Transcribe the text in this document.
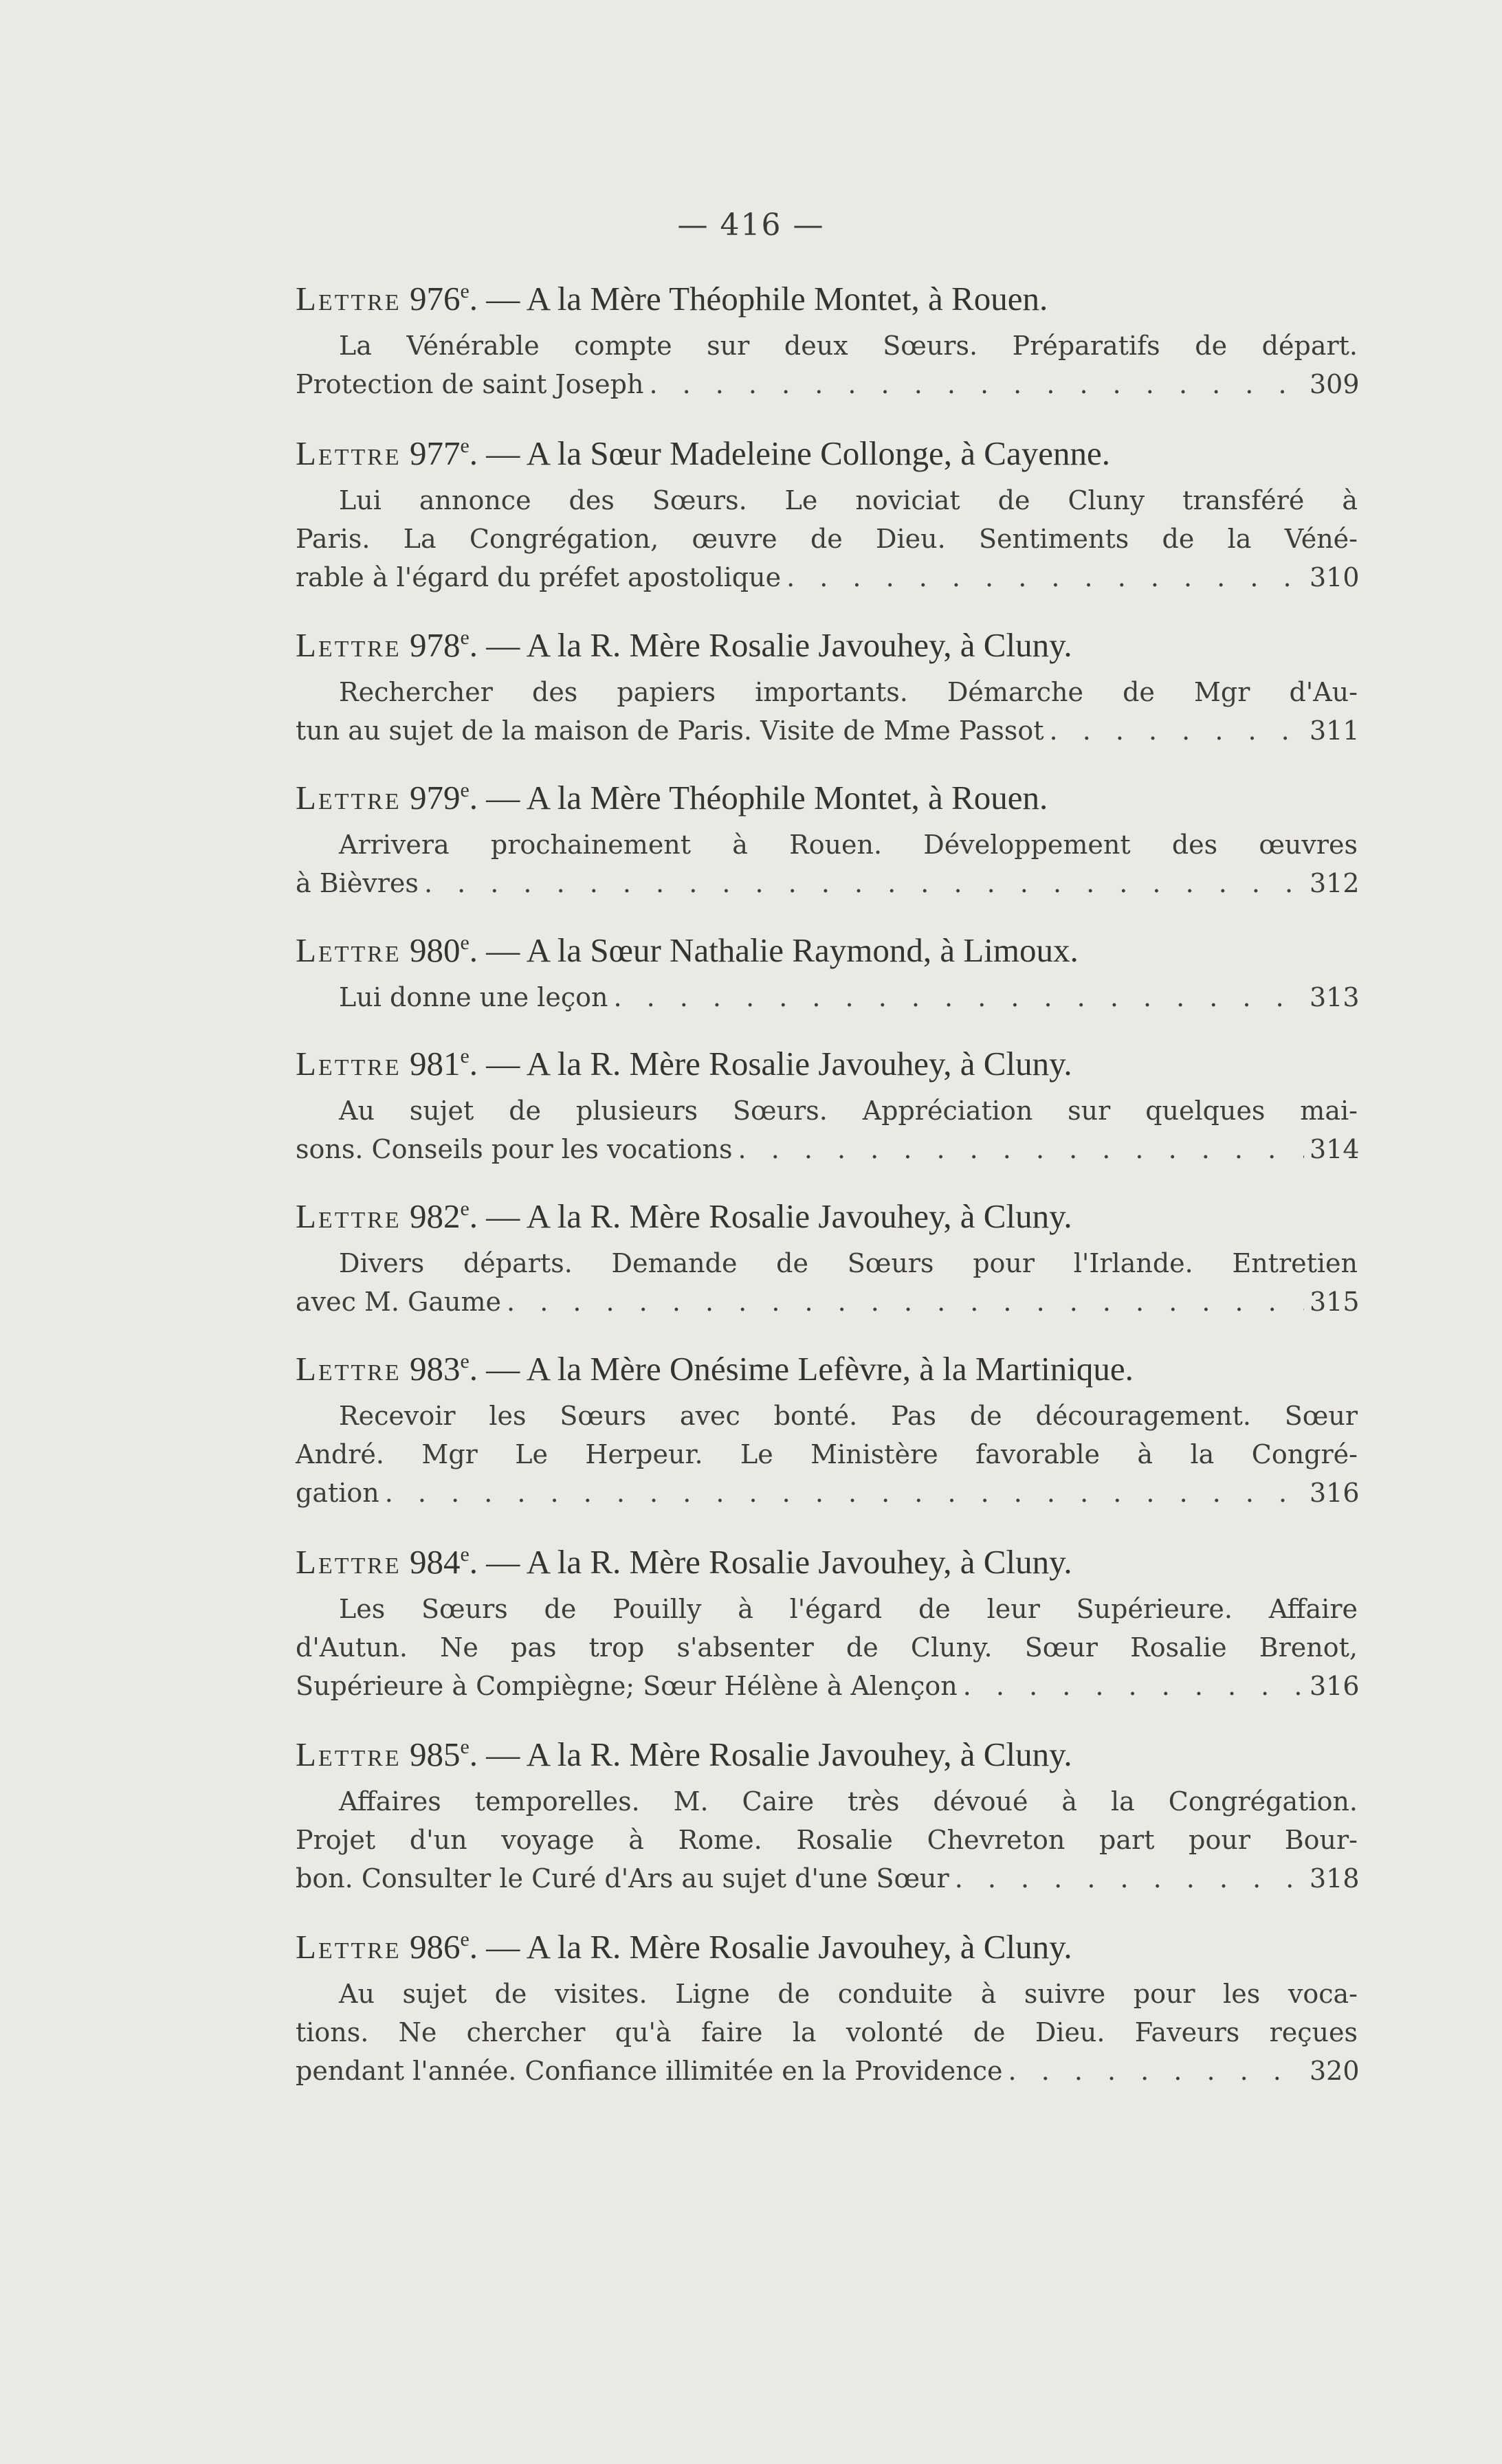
— 416 —
Lettre 976e. — A la Mère Théophile Montet, à Rouen.
La Vénérable compte sur deux Sœurs. Préparatifs de départ.
Protection de saint Joseph . . .	309
Lettre 977e. — A la Sœur Madeleine Collonge, à Cayenne.
Lui annonce des Sœurs. Le noviciat de Cluny transféré à
Paris. La Congrégation, œuvre de Dieu. Sentiments de la Véné-
rable à l'égard du préfet apostolique . . .	310
Lettre 978e. — A la R. Mère Rosalie Javouhey, à Cluny.
Rechercher des papiers importants. Démarche de Mgr d'Au-
tun au sujet de la maison de Paris. Visite de Mme Passot . . .	311
Lettre 979e. — A la Mère Théophile Montet, à Rouen.
Arrivera prochainement à Rouen. Développement des œuvres
à Bièvres . . .	312
Lettre 980e. — A la Sœur Nathalie Raymond, à Limoux.
Lui donne une leçon . . .	313
Lettre 981e. — A la R. Mère Rosalie Javouhey, à Cluny.
Au sujet de plusieurs Sœurs. Appréciation sur quelques mai-
sons. Conseils pour les vocations . . .	314
Lettre 982e. — A la R. Mère Rosalie Javouhey, à Cluny.
Divers départs. Demande de Sœurs pour l'Irlande. Entretien
avec M. Gaume . . .	315
Lettre 983e. — A la Mère Onésime Lefèvre, à la Martinique.
Recevoir les Sœurs avec bonté. Pas de découragement. Sœur
André. Mgr Le Herpeur. Le Ministère favorable à la Congré-
gation . . .	316
Lettre 984e. — A la R. Mère Rosalie Javouhey, à Cluny.
Les Sœurs de Pouilly à l'égard de leur Supérieure. Affaire
d'Autun. Ne pas trop s'absenter de Cluny. Sœur Rosalie Brenot,
Supérieure à Compiègne; Sœur Hélène à Alençon . . .	316
Lettre 985e. — A la R. Mère Rosalie Javouhey, à Cluny.
Affaires temporelles. M. Caire très dévoué à la Congrégation.
Projet d'un voyage à Rome. Rosalie Chevreton part pour Bour-
bon. Consulter le Curé d'Ars au sujet d'une Sœur . . .	318
Lettre 986e. — A la R. Mère Rosalie Javouhey, à Cluny.
Au sujet de visites. Ligne de conduite à suivre pour les voca-
tions. Ne chercher qu'à faire la volonté de Dieu. Faveurs reçues
pendant l'année. Confiance illimitée en la Providence . . .	320
